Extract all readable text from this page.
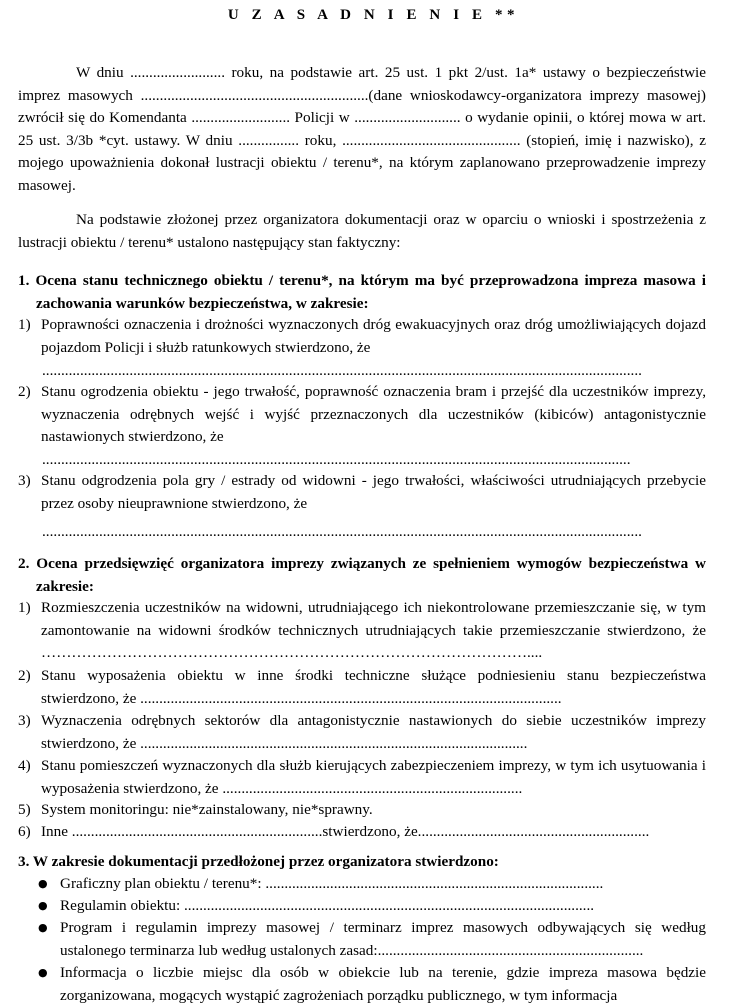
U Z A S A D N I E N I E **
W dniu ......................... roku, na podstawie art. 25 ust. 1 pkt 2/ust. 1a* ustawy o bezpieczeństwie imprez masowych ............................................................(dane wnioskodawcy-organizatora imprezy masowej) zwrócił się do Komendanta .......................... Policji w ............................ o wydanie opinii, o której mowa w art. 25 ust. 3/3b *cyt. ustawy. W dniu ................ roku, ............................................... (stopień, imię i nazwisko), z mojego upoważnienia dokonał lustracji obiektu / terenu*, na którym zaplanowano przeprowadzenie imprezy masowej.
Na podstawie złożonej przez organizatora dokumentacji oraz w oparciu o wnioski i spostrzeżenia z lustracji obiektu / terenu* ustalono następujący stan faktyczny:
1. Ocena stanu technicznego obiektu / terenu*, na którym ma być przeprowadzona impreza masowa i zachowania warunków bezpieczeństwa, w zakresie:
1) Poprawności oznaczenia i drożności wyznaczonych dróg ewakuacyjnych oraz dróg umożliwiających dojazd pojazdom Policji i służb ratunkowych stwierdzono, że
..............................................................................................................................................................
2) Stanu ogrodzenia obiektu - jego trwałość, poprawność oznaczenia bram i przejść dla uczestników imprezy, wyznaczenia odrębnych wejść i wyjść przeznaczonych dla uczestników (kibiców) antagonistycznie nastawionych stwierdzono, że
...........................................................................................................................................................
3) Stanu odgrodzenia pola gry / estrady od widowni - jego trwałości, właściwości utrudniających przebycie przez osoby nieuprawnione stwierdzono, że
..............................................................................................................................................................
2. Ocena przedsięwzięć organizatora imprezy związanych ze spełnieniem wymogów bezpieczeństwa w zakresie:
1) Rozmieszczenia uczestników na widowni, utrudniającego ich niekontrolowane przemieszczanie się, w tym zamontowanie na widowni środków technicznych utrudniających takie przemieszczanie stwierdzono, że ……………………………………………………………………………………....
2) Stanu wyposażenia obiektu w inne środki techniczne służące podniesieniu stanu bezpieczeństwa stwierdzono, że ...............................................................................................................
3) Wyznaczenia odrębnych sektorów dla antagonistycznie nastawionych do siebie uczestników imprezy stwierdzono, że ......................................................................................................
4) Stanu pomieszczeń wyznaczonych dla służb kierujących zabezpieczeniem imprezy, w tym ich usytuowania i wyposażenia stwierdzono, że ...............................................................................
5) System monitoringu: nie*zainstalowany, nie*sprawny.
6) Inne ..................................................................stwierdzono, że.............................................................
3. W zakresie dokumentacji przedłożonej przez organizatora stwierdzono:
● Graficzny plan obiektu / terenu*: .........................................................................................
● Regulamin obiektu: ............................................................................................................
● Program i regulamin imprezy masowej / terminarz imprez masowych odbywających się według ustalonego terminarza lub według ustalonych zasad:......................................................................
● Informacja o liczbie miejsc dla osób w obiekcie lub na terenie, gdzie impreza masowa będzie zorganizowana, mogących wystąpić zagrożeniach porządku publicznego, w tym informacja
